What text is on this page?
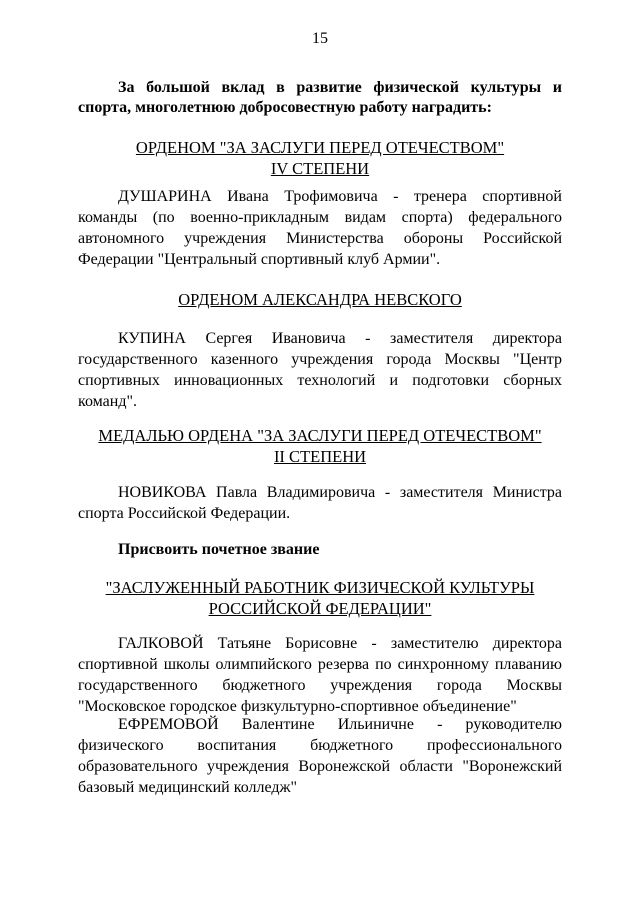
15
За большой вклад в развитие физической культуры и спорта, многолетнюю добросовестную работу наградить:
ОРДЕНОМ "ЗА ЗАСЛУГИ ПЕРЕД ОТЕЧЕСТВОМ"
IV СТЕПЕНИ
ДУШАРИНА Ивана Трофимовича - тренера спортивной команды (по военно-прикладным видам спорта) федерального автономного учреждения Министерства обороны Российской Федерации "Центральный спортивный клуб Армии".
ОРДЕНОМ АЛЕКСАНДРА НЕВСКОГО
КУПИНА Сергея Ивановича - заместителя директора государственного казенного учреждения города Москвы "Центр спортивных инновационных технологий и подготовки сборных команд".
МЕДАЛЬЮ ОРДЕНА "ЗА ЗАСЛУГИ ПЕРЕД ОТЕЧЕСТВОМ"
II СТЕПЕНИ
НОВИКОВА Павла Владимировича - заместителя Министра спорта Российской Федерации.
Присвоить почетное звание
"ЗАСЛУЖЕННЫЙ РАБОТНИК ФИЗИЧЕСКОЙ КУЛЬТУРЫ
РОССИЙСКОЙ ФЕДЕРАЦИИ"
ГАЛКОВОЙ Татьяне Борисовне - заместителю директора спортивной школы олимпийского резерва по синхронному плаванию государственного бюджетного учреждения города Москвы "Московское городское физкультурно-спортивное объединение"
ЕФРЕМОВОЙ Валентине Ильиничне - руководителю физического воспитания бюджетного профессионального образовательного учреждения Воронежской области "Воронежский базовый медицинский колледж"
